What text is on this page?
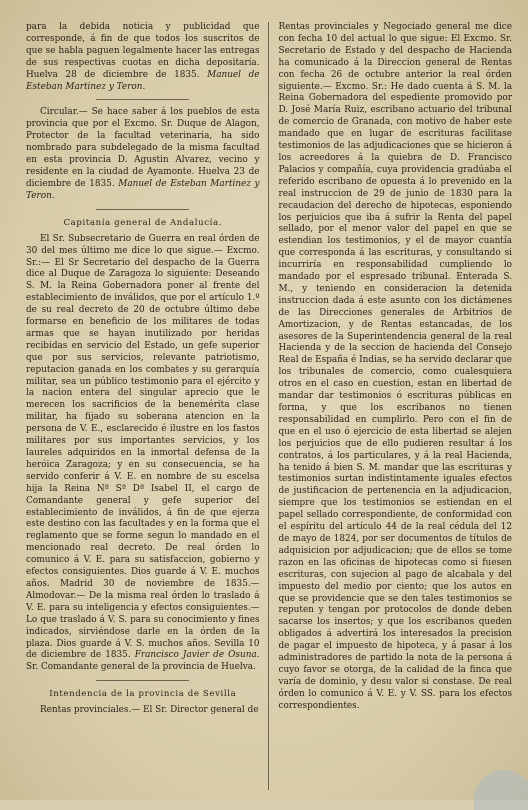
para la debida noticia y publicidad que corresponde, á fin de que todos los suscritos de que se habla paguen legalmente hacer las entregas de sus respectivas cuotas en dicha depositaría. Huelva 28 de diciembre de 1835. Manuel de Esteban Martinez y Teron.

Circular.— Se hace saber á los pueblos de esta provincia que por el Excmo. Sr. Duque de Alagon, Protector de la facultad veterinaria, ha sido nombrado para subdelegado de la misma facultad en esta provincia D. Agustin Alvarez, vecino y residente en la ciudad de Ayamonte. Huelva 23 de diciembre de 1835. Manuel de Esteban Martinez y Teron.

Capitanía general de Andalucía.

El Sr. Subsecretario de Guerra en real órden de 30 del mes último me dice lo que sigue.— Excmo. Sr.:— El Sr Secretario del despacho de la Guerra dice al Duque de Zaragoza lo siguiente: Deseando S. M. la Reina Gobernadora poner al frente del establecimiento de inválidos, que por el artículo 1.º de su real decreto de 20 de octubre último debe formarse en beneficio de los militares de todas armas que se hayan inutilizado por heridas recibidas en servicio del Estado, un gefe superior que por sus servicios, relevante patriotismo, reputacion ganada en los combates y su gerarquía militar, sea un público testimonio para el ejército y la nacion entera del singular aprecio que le merecen los sacrificios de la benemérita clase militar, ha fijado su soberana atencion en la persona de V. E., esclarecido é ilustre en los fastos militares por sus importantes servicios, y los laureles adquiridos en la inmortal defensa de la heróica Zaragoza; y en su consecuencia, se ha servido conferir á V. E. en nombre de su escelsa hija la Reina Nª Sª Dª Isabel II, el cargo de Comandante general y gefe superior del establecimiento de inválidos, á fin de que ejerza este destino con las facultades y en la forma que el reglamento que se forme segun lo mandado en el mencionado real decreto. De real órden lo comunico á V. E. para su satisfaccion, gobierno y efectos consiguientes. Dios guarde á V. E. muchos años. Madrid 30 de noviembre de 1835.— Almodovar.— De la misma real órden lo traslado á V. E. para su inteligencia y efectos consiguientes.— Lo que traslado á V. S. para su conocimiento y fines indicados, sirviéndose darle en la órden de la plaza. Dios guarde á V. S. muchos años. Sevilla 10 de diciembre de 1835. Francisco Javier de Osuna. Sr. Comandante general de la provincia de Huelva.

Intendencia de la provincia de Sevilla

Rentas provinciales.— El Sr. Director general de

Rentas provinciales y Negociado general me dice con fecha 10 del actual lo que sigue: El Excmo. Sr. Secretario de Estado y del despacho de Hacienda ha comunicado á la Direccion general de Rentas con fecha 26 de octubre anterior la real órden siguiente.— Excmo. Sr.: He dado cuenta á S. M. la Reina Gobernadora del espediente promovido por D. José María Ruiz, escribano actuario del tribunal de comercio de Granada, con motivo de haber este mandado que en lugar de escrituras facilitase testimonios de las adjudicaciones que se hicieron á los acreedores á la quiebra de D. Francisco Palacios y compañía, cuya providencia gradúaba el referido escribano de opuesta á lo prevenido en la real instruccion de 29 de junio de 1830 para la recaudacion del derecho de hipotecas, esponiendo los perjuicios que iba á sufrir la Renta del papel sellado, por el menor valor del papel en que se estendian los testimonios, y el de mayor cuantía que corresponda á las escrituras, y consultando si incurriría en responsabilidad cumpliendo lo mandado por el espresado tribunal. Enterada S. M., y teniendo en consideracion la detenida instruccion dada á este asunto con los dictámenes de las Direcciones generales de Arbitrios de Amortizacion, y de Rentas estancadas, de los asesores de la Superintendencia general de la real Hacienda y de la seccion de hacienda del Consejo Real de España é Indias, se ha servido declarar que los tribunales de comercio, como cualesquiera otros en el caso en cuestion, estan en libertad de mandar dar testimonios ó escrituras públicas en forma, y que los escribanos no tienen responsabilidad en cumplirlo. Pero con el fin de que en el uso ó ejercicio de esta libertad se alejen los perjuicios que de ello pudieren resultar á los contratos, á los particulares, y á la real Hacienda, ha tenido á bien S. M. mandar que las escrituras y testimonios surtan indistintamente iguales efectos de justificacion de pertenencia en la adjudicacion, siempre que los testimonios se estiendan en el papel sellado correspondiente, de conformidad con el espíritu del artículo 44 de la real cédula del 12 de mayo de 1824, por ser documentos de títulos de adquisicion por adjudicacion; que de ellos se tome razon en las oficinas de hipotecas como si fuesen escrituras, con sujecion al pago de alcabala y del impuesto del medio por ciento; que los autos en que se providencie que se den tales testimonios se reputen y tengan por protocolos de donde deben sacarse los insertos; y que los escribanos queden obligados á advertirá los interesados la precision de pagar el impuesto de hipoteca, y á pasar á los administradores de partido la nota de la persona á cuyo favor se otorga, de la calidad de la finca que varía de dominio, y desu valor si constase. De real órden lo comunico á V. E. y V. SS. para los efectos correspondientes.
